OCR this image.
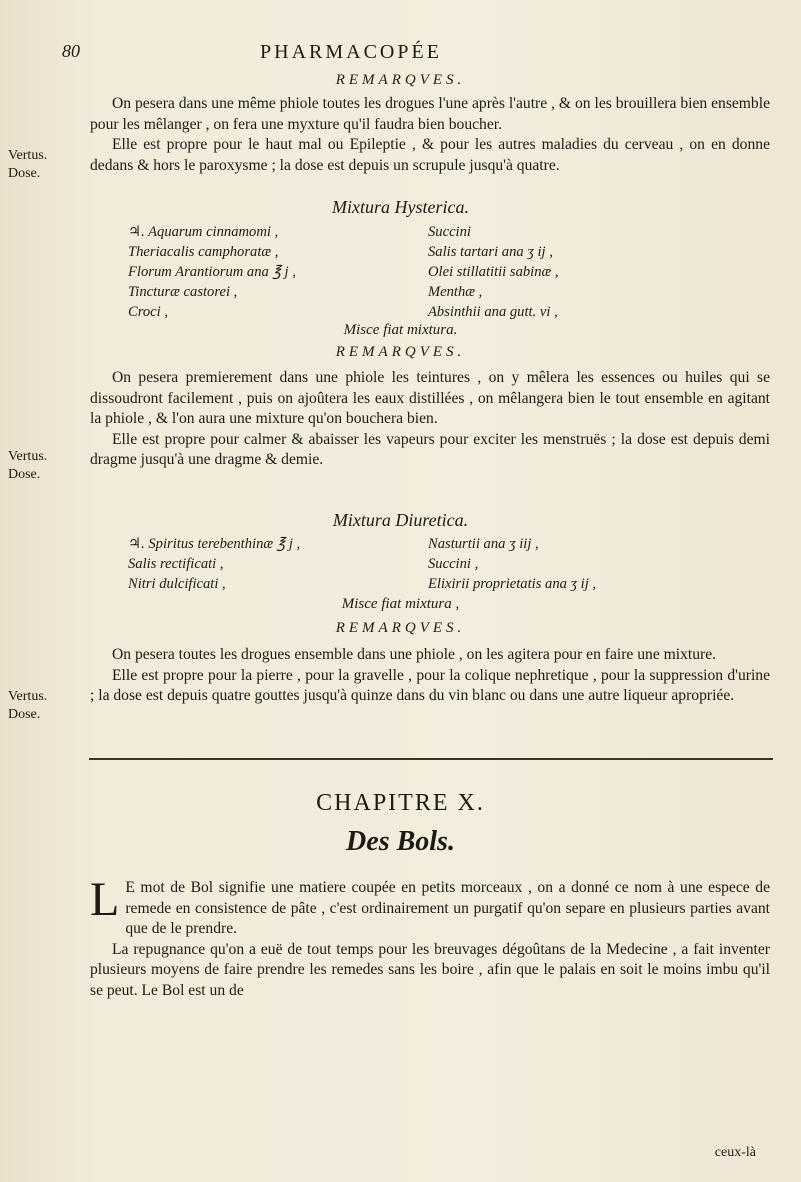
80	PHARMACOPÉE
REMARQVES.

On pesera dans une même phiole toutes les drogues l'une après l'autre , & on les brouillera bien ensemble pour les mêlanger , on fera une myxture qu'il faudra bien boucher.

Elle est propre pour le haut mal ou Epileptie , & pour les autres maladies du cerveau , on en donne dedans & hors le paroxysme ; la dose est depuis un scrupule jusqu'à quatre.

Vertus.
Dose.
Mixtura Hysterica.
♃. Aquarum cinnamomi ,	Succini
Theriacalis camphoratæ ,	Salis tartari ana ʒ ij ,
Florum Arantiorum ana ℥ j ,	Olei stillatitii sabinæ ,
Tincturæ castorei ,	Menthæ ,
Croci ,	Absinthii ana gutt. vi ,
Misce fiat mixtura.
REMARQVES.

On pesera premierement dans une phiole les teintures , on y mêlera les essences ou huiles qui se dissoudront facilement , puis on ajoûtera les eaux distillées , on mêlangera bien le tout ensemble en agitant la phiole , & l'on aura une mixture qu'on bouchera bien.

Elle est propre pour calmer & abaisser les vapeurs pour exciter les menstruës ; la dose est depuis demi dragme jusqu'à une dragme & demie.

Vertus.
Dose.
Mixtura Diuretica.
♃. Spiritus terebenthinæ ℥ j ,	Nasturtii ana ʒ iij ,
Salis rectificati ,	Succini ,
Nitri dulcificati ,	Elixirii proprietatis ana ʒ ij ,
Misce fiat mixtura ,
REMARQVES.

On pesera toutes les drogues ensemble dans une phiole , on les agitera pour en faire une mixture.

Elle est propre pour la pierre , pour la gravelle , pour la colique nephretique , pour la suppression d'urine ; la dose est depuis quatre gouttes jusqu'à quinze dans du vin blanc ou dans une autre liqueur apropriée.

Vertus.
Dose.
CHAPITRE X.
Des Bols.

L E mot de Bol signifie une matiere coupée en petits morceaux , on a donné ce nom à une espece de remede en consistence de pâte , c'est ordinairement un purgatif qu'on separe en plusieurs parties avant que de le prendre.

La repugnance qu'on a euë de tout temps pour les breuvages dégoûtans de la Medecine , a fait inventer plusieurs moyens de faire prendre les remedes sans les boire , afin que le palais en soit le moins imbu qu'il se peut. Le Bol est un de

ceux-là
